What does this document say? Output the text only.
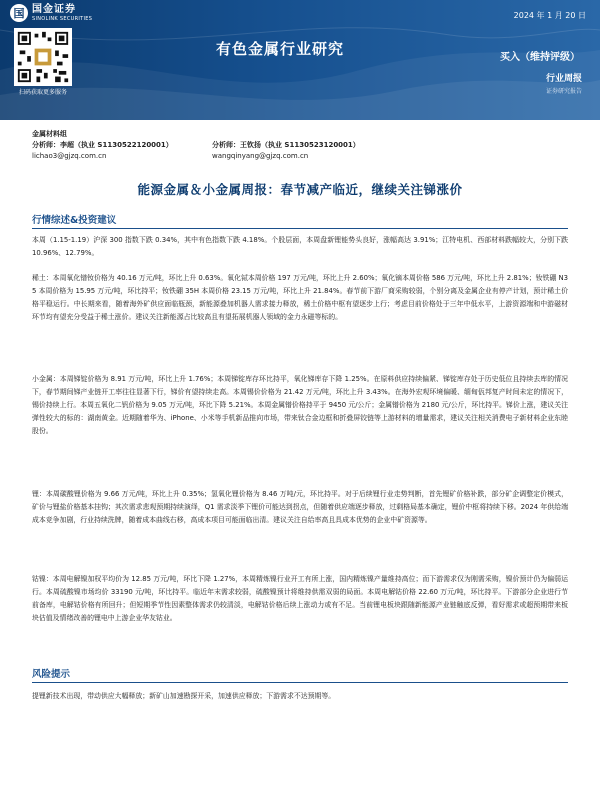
国 国金证券
SINOLINK SECURITIES
扫码获取更多服务
2024 年 1 月 20 日
有色金属行业研究	买入（维持评级）
行业周报
证券研究报告
金属材料组
分析师：李超（执业 S1130522120001）
lichao3@gjzq.com.cn
分析师：王钦扬（执业 S1130523120001）
wangqinyang@gjzq.com.cn
能源金属＆小金属周报：春节减产临近，继续关注锑涨价
行情综述&投资建议
本周（1.15-1.19）沪深 300 指数下跌 0.34%，其中有色指数下跌 4.18%。个股层面，本周盘新锂能势头良好，涨幅高达 3.91%；江特电机、西部材料跌幅较大，分别下跌 10.96%、12.79%。
稀土：本周氧化镨钕价格为 40.16 万元/吨，环比上升 0.63%。氧化铽本周价格 197 万元/吨，环比上升 2.60%；氧化镝本周价格 586 万元/吨，环比上升 2.81%；钕铁硼 N35 本周价格为 15.95 万元/吨，环比持平；钕铁硼 35H 本周价格 23.15 万元/吨，环比上升 21.84%。春节前下游厂商采购较弱，个别分离及金属企业有停产计划，预计稀土价格平稳运行。中长期来看，随着海外矿供应面临瓶颈，新能源叠加机器人需求接力释放，稀土价格中枢有望逐步上行；考虑目前价格处于三年中低水平，上游资源端和中游磁材环节均有望充分受益于稀土涨价。建议关注新能源占比较高且有望拓展机器人领域的金力永磁等标的。
小金属：本周锑锭价格为 8.91 万元/吨，环比上升 1.76%；本周锑锭库存环比持平，氧化锑库存下降 1.25%。在原料供应持续偏紧、锑锭库存处于历史低位且持续去库的情况下，春节期间锑产业链开工率往往显著下行，锑价有望持续走高。本周锡价价格为 21.42 万元/吨，环比上升 3.43%。在海外宏观环境偏暖、缅甸佤邦复产时间未定的情况下，锡价持续上行。本周五氧化二钒价格为 9.05 万元/吨，环比下降 5.21%。本周金属镨价格持平于 9450 元/公斤；金属镨价格为 2180 元/公斤，环比持平。锑价上涨，建议关注弹性较大的标的：湖南黄金。近期随着华为、iPhone、小米等手机新品推向市场，带来钛合金边框和折叠屏铰链等上游材料的增量需求，建议关注相关消费电子新材料企业东睦股份。
锂：本周碳酸锂价格为 9.66 万元/吨，环比上升 0.35%；氢氧化锂价格为 8.46 万吨/元，环比持平。对于后续锂行业走势判断，首先锂矿价格补跌，部分矿企调整定价模式，矿价与锂盐价格基本挂钩；其次需求悲观预期持续演绎，Q1 需求淡季下锂价可能达到拐点，但随着供应端逐步释放，过剩格局基本确定，锂价中枢将持续下移。2024 年供给端成本竞争加剧，行业持续洗牌，随着成本曲线右移，高成本项目可能面临出清。建议关注自给率高且具成本优势的企业中矿资源等。
钴镍：本周电解镍加权平均价为 12.85 万元/吨，环比下降 1.27%，本周精炼镍行业开工有所上涨，国内精炼镍产量维持高位；而下游需求仅为刚需采购，镍价预计仍为偏弱运行。本周硫酸镍市场均价 33190 元/吨，环比持平。临近年末需求较弱，硫酸镍预计将维持供需双弱的局面。本周电解钴价格 22.60 万元/吨，环比持平。下游部分企业进行节前备库，电解钴价格有所回升；但短期季节性因素整体需求仍较清淡，电解钴价格后续上涨动力或有不足。当前锂电板块跟随新能源产业链触底反弹，看好需求或超预期带来板块估值及情绪改善的锂电中上游企业华友钴业。
风险提示
提锂新技术出现，带动供应大幅释放；新矿山加速勘探开采，加速供应释放；下游需求不达预期等。
